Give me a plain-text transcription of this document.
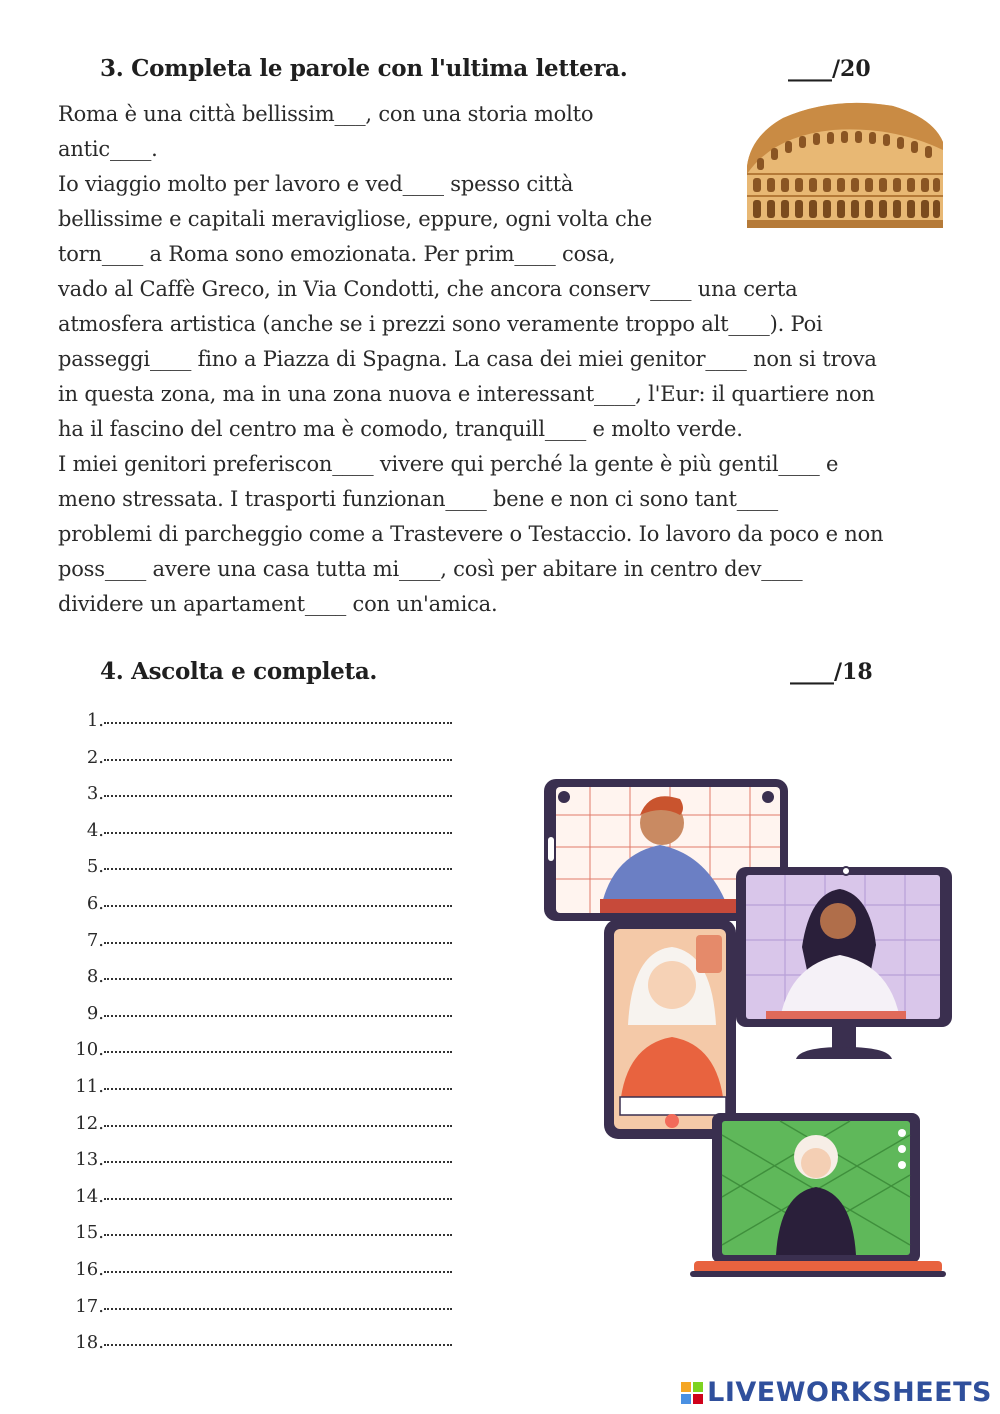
3. Completa le parole con l'ultima lettera.	____/20
Roma è una città bellissim___, con una storia molto
antic____.
Io viaggio molto per lavoro e ved____ spesso città
bellissime e capitali meravigliose, eppure, ogni volta che
torn____ a Roma sono emozionata. Per prim____ cosa,
vado al Caffè Greco, in Via Condotti, che ancora conserv____ una certa
atmosfera artistica (anche se i prezzi sono veramente troppo alt____). Poi
passeggi____ fino a Piazza di Spagna. La casa dei miei genitor____ non si trova
in questa zona, ma in una zona nuova e interessant____, l'Eur: il quartiere non
ha il fascino del centro ma è comodo, tranquill____ e molto verde.
I miei genitori preferiscon____ vivere qui perché la gente è più gentil____ e
meno stressata. I trasporti funzionan____ bene e non ci sono tant____
problemi di parcheggio come a Trastevere o Testaccio. Io lavoro da poco e non
poss____ avere una casa tutta mi____, così per abitare in centro dev____
dividere un apartament____ con un'amica.
4. Ascolta e completa.	____/18
1.
2.
3.
4.
5.
6.
7.
8.
9.
10.
11.
12.
13.
14.
15.
16.
17.
18.
LIVEWORKSHEETS
